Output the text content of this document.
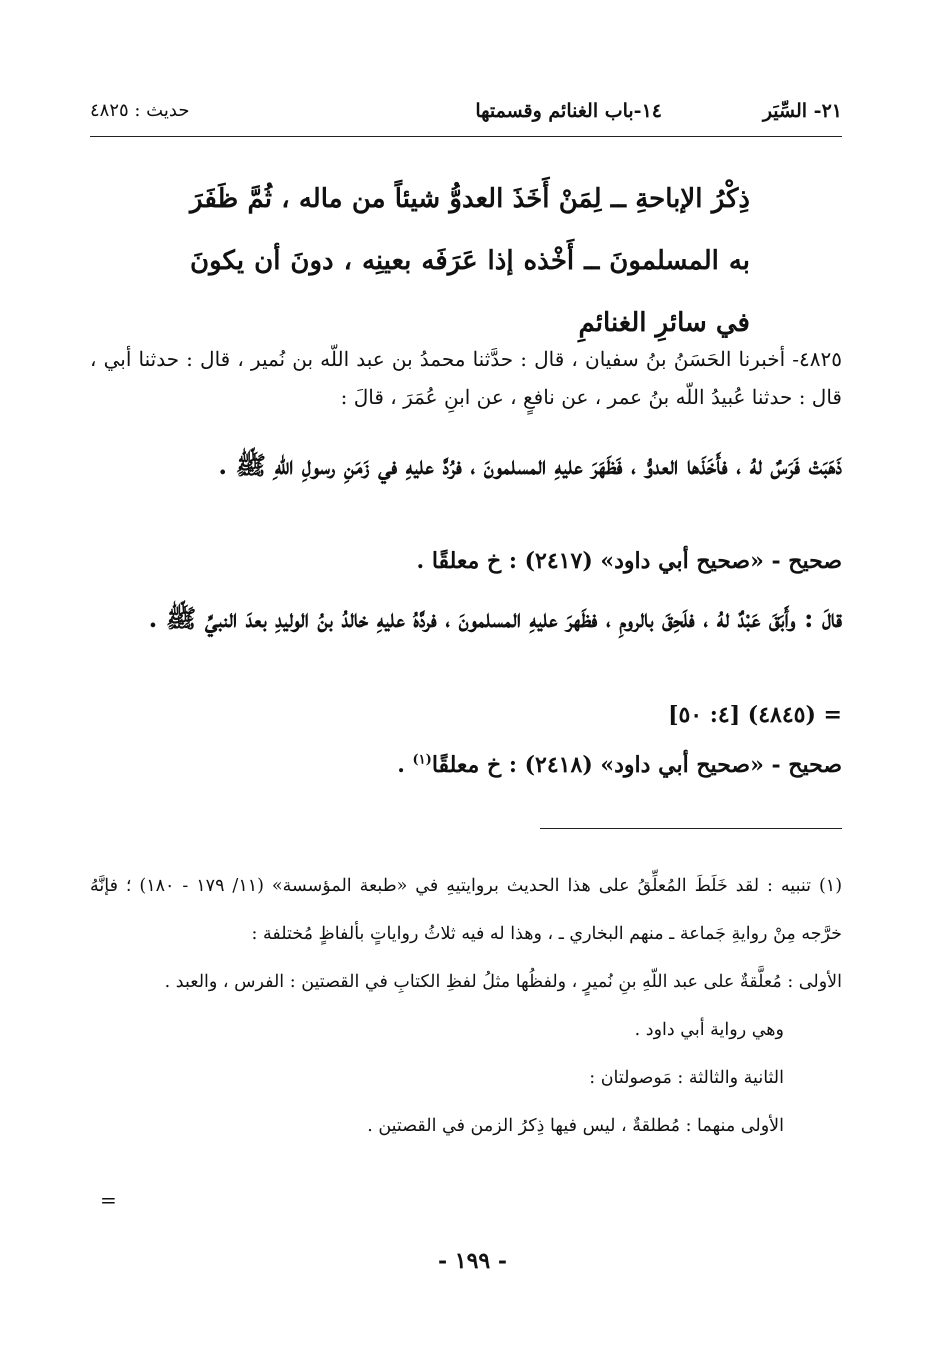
٢١- السِّيَر
١٤-باب الغنائم وقسمتها
حديث : ٤٨٢٥
ذِكْرُ الإباحةِ ــ لِمَنْ أَخَذَ العدوُّ شيئاً من ماله ، ثُمَّ ظَفَرَ به المسلمونَ ــ أَخْذه إذا عَرَفَه بعينِه ، دونَ أن يكونَ في سائرِ الغنائمِ
٤٨٢٥- أخبرنا الحَسَنُ بنُ سفيان ، قال : حدَّثنا محمدُ بن عبد اللّه بن نُمير ، قال : حدثنا أبي ، قال : حدثنا عُبيدُ اللّه بنُ عمر ، عن نافعٍ ، عن ابنِ عُمَرَ ، قالَ :
ذَهَبَتْ فَرَسٌ لهُ ، فأَخَذَها العدوُّ ، فَظَهَرَ عليهِ المسلمونَ ، فرُدَّ عليهِ في زَمَنِ رسولِ اللّهِ ﷺ .
صحيح - «صحيح أبي داود» (٢٤١٧) : خ معلقًا .
قالَ : وأَبَقَ عَبْدٌ لهُ ، فلَحِقَ بالرومِ ، فظَهرَ عليهِ المسلمونَ ، فردَّهُ عليهِ خالدُ بنُ الوليدِ بعدَ النبيِّ ﷺ .
= (٤٨٤٥) [٤: ٥٠]
صحيح - «صحيح أبي داود» (٢٤١٨) : خ معلقًا$^{(١)}$ .
(١) تنبيه : لقد خَلَطَ المُعلِّقُ على هذا الحديث بروايتيهِ في «طبعة المؤسسة» (١١/ ١٧٩ - ١٨٠) ؛ فإنَّهُ خرَّجه مِنْ روايةِ جَماعة ـ منهم البخاري ـ ، وهذا له فيه ثلاثُ رواياتٍ بألفاظٍ مُختلفة :
الأولى : مُعلَّقةٌ على عبد اللّهِ بنِ نُميرٍ ، ولفظُها مثلُ لفظِ الكتابِ في القصتين : الفرس ، والعبد .
وهي رواية أبي داود .
الثانية والثالثة : مَوصولتان :
الأولى منهما : مُطلقةٌ ، ليس فيها ذِكرُ الزمن في القصتين .
=
- ١٩٩ -
